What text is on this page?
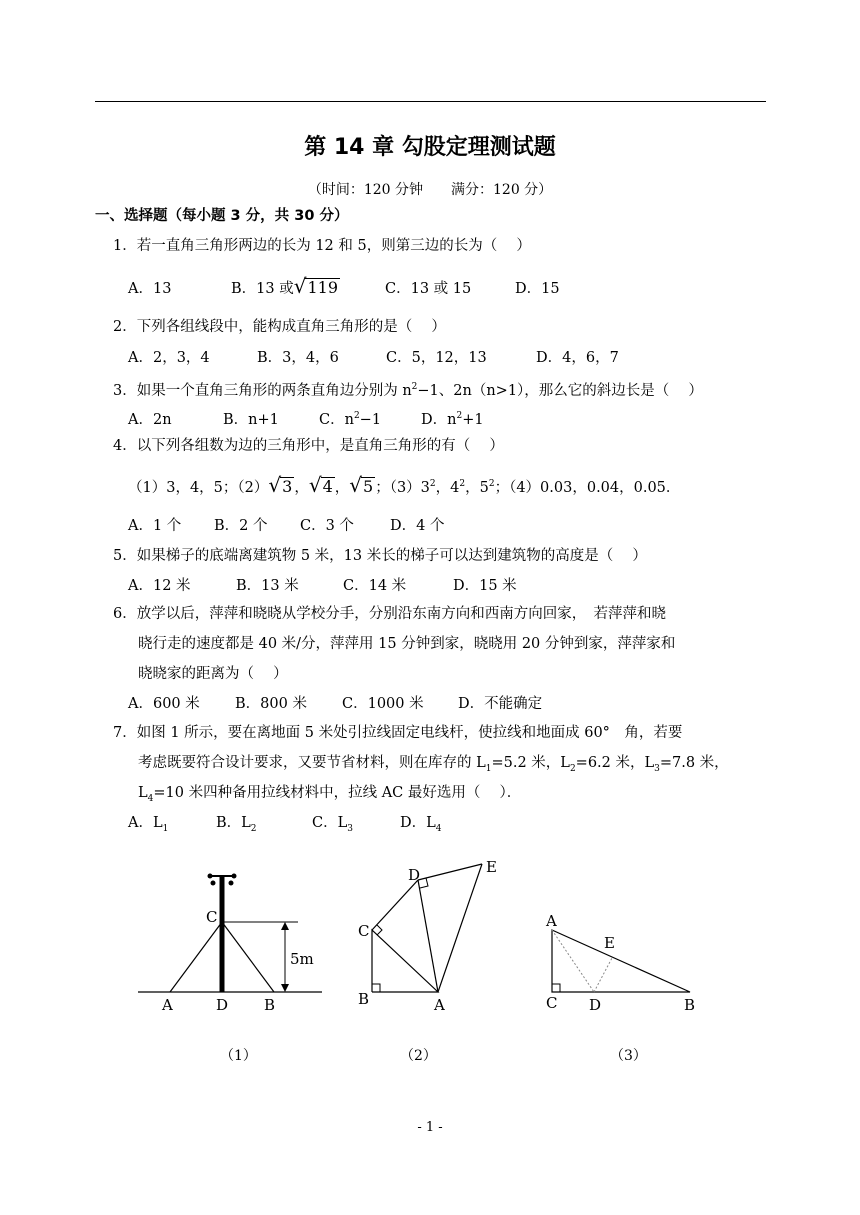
第 14 章 勾股定理测试题
（时间：120 分钟　　满分：120 分）
一、选择题（每小题 3 分，共 30 分）
1．若一直角三角形两边的长为 12 和 5，则第三边的长为（　 ）
A．13	B．13 或√119	C．13 或 15	D．15
2．下列各组线段中，能构成直角三角形的是（　 ）
A．2，3，4	B．3，4，6	C．5，12，13	D．4，6，7
3．如果一个直角三角形的两条直角边分别为 $n^2-1$、2n（n>1），那么它的斜边长是（　 ）
A．2n	B．n+1	C．$n^2-1$	D．$n^2+1$
4．以下列各组数为边的三角形中，是直角三角形的有（　 ）
（1）3，4，5；（2）√3 ，√4 ，√5 ；$(3)3^2$，$4^2$，$5^2$；（4）0.03，0.04，0.05．
A．1 个 B．2 个 C．3 个 D．4 个
5．如果梯子的底端离建筑物 5 米，13 米长的梯子可以达到建筑物的高度是（　 ）
A．12 米	B．13 米	C．14 米	D．15 米
6．放学以后，萍萍和晓晓从学校分手，分别沿东南方向和西南方向回家，　若萍萍和晓
晓行走的速度都是 40 米/分，萍萍用 15 分钟到家，晓晓用 20 分钟到家，萍萍家和
晓晓家的距离为（　 ）
A．600 米 B．800 米 C．1000 米 D．不能确定
7．如图 1 所示，要在离地面 5 米处引拉线固定电线杆，使拉线和地面成 60°　角，若要
考虑既要符合设计要求，又要节省材料，则在库存的 $L_1=5.2$ 米，$L_2=6.2$ 米，$L_3=7.8$ 米，
$L_4=10$ 米四种备用拉线材料中，拉线 AC 最好选用（　 ）．
A．$L_1$	B．$L_2$	C．$L_3$	D．$L_4$
C
A	D B
5m
（1）
D	E
C
B	A
（2）
A
E
C D	B
（3）
- 1 -
